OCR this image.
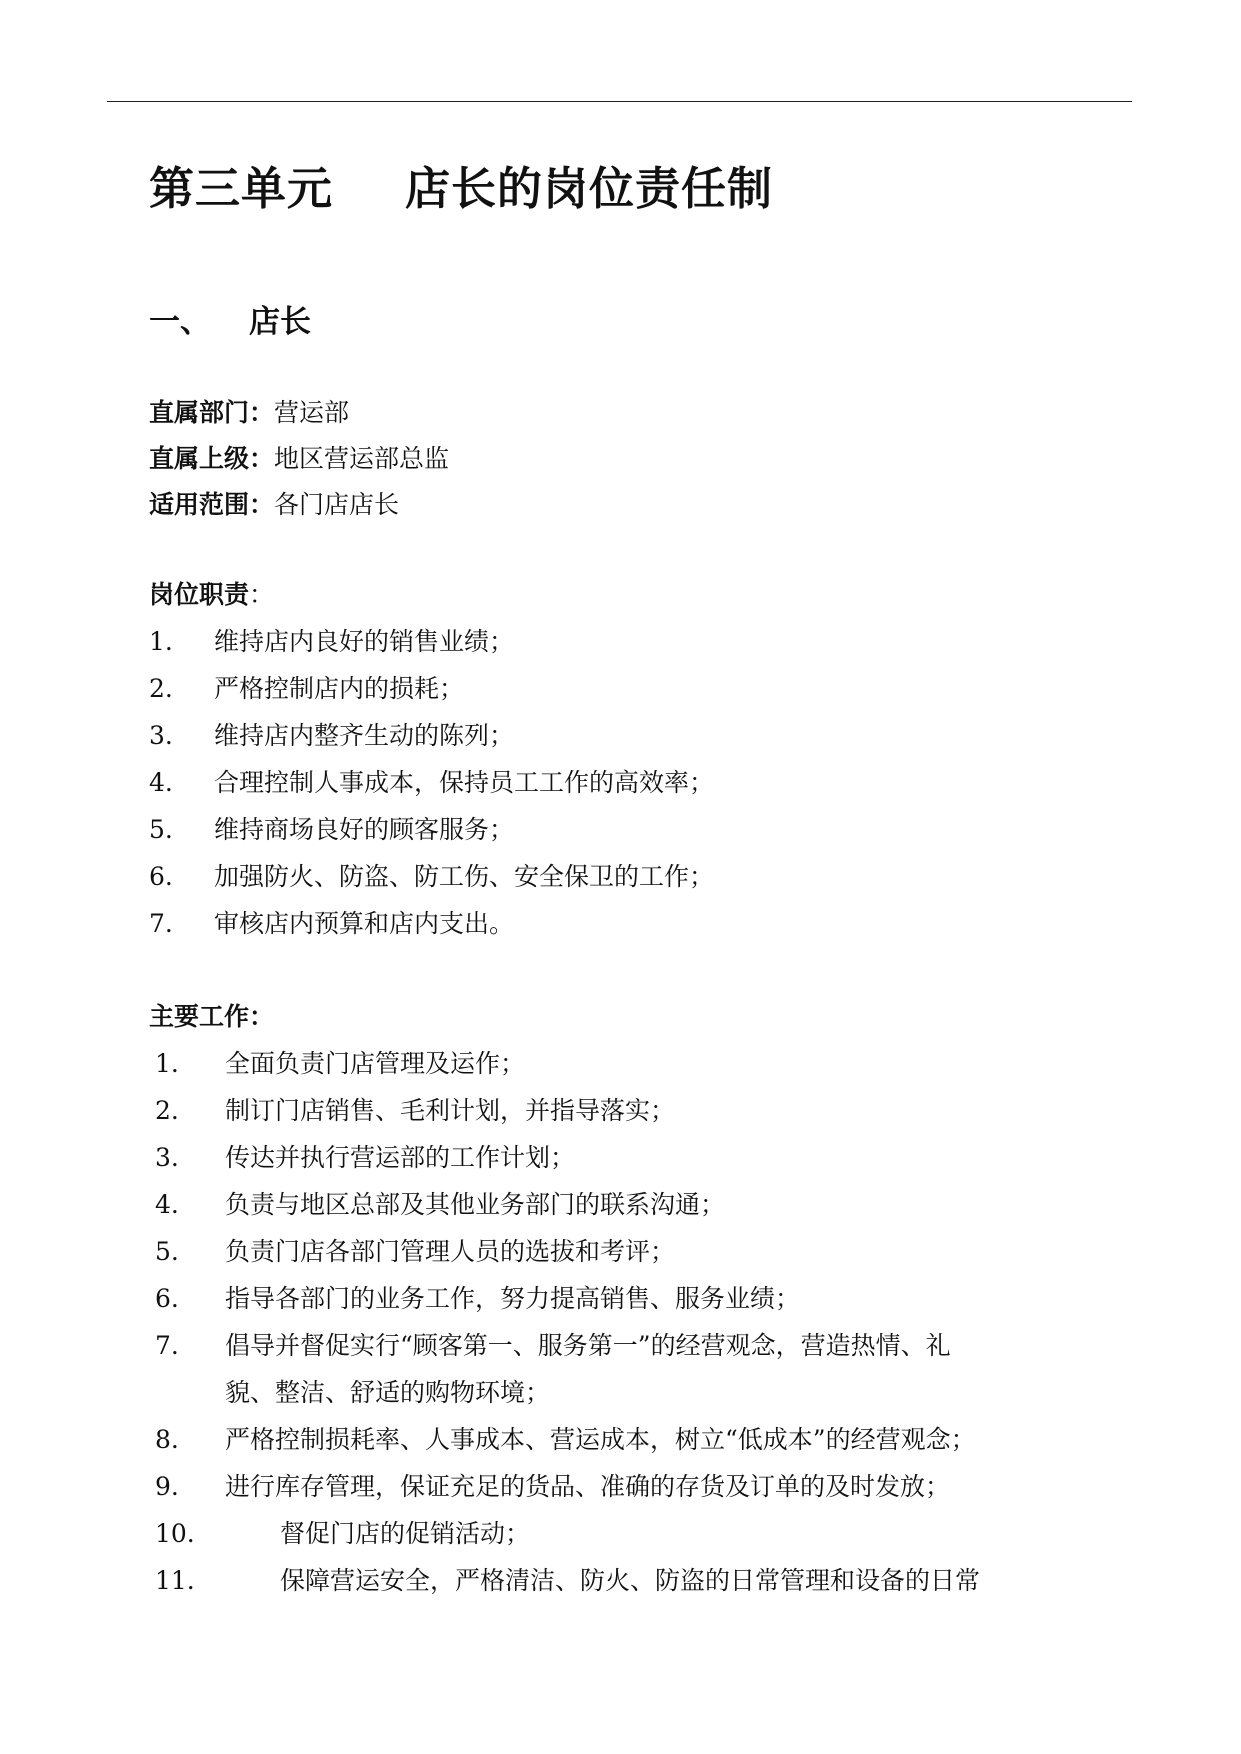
第三单元 店长的岗位责任制
一、 店长
直属部门：营运部
直属上级：地区营运部总监
适用范围：各门店店长
岗位职责：
1. 维持店内良好的销售业绩；
2. 严格控制店内的损耗；
3. 维持店内整齐生动的陈列；
4. 合理控制人事成本，保持员工工作的高效率；
5. 维持商场良好的顾客服务；
6. 加强防火、防盗、防工伤、安全保卫的工作；
7. 审核店内预算和店内支出。
主要工作：
1. 全面负责门店管理及运作；
2. 制订门店销售、毛利计划，并指导落实；
3. 传达并执行营运部的工作计划；
4. 负责与地区总部及其他业务部门的联系沟通；
5. 负责门店各部门管理人员的选拔和考评；
6. 指导各部门的业务工作，努力提高销售、服务业绩；
7. 倡导并督促实行“顾客第一、服务第一”的经营观念，营造热情、礼
貌、整洁、舒适的购物环境；
8. 严格控制损耗率、人事成本、营运成本，树立“低成本”的经营观念；
9. 进行库存管理，保证充足的货品、准确的存货及订单的及时发放；
10.	督促门店的促销活动；
11.	保障营运安全，严格清洁、防火、防盗的日常管理和设备的日常
